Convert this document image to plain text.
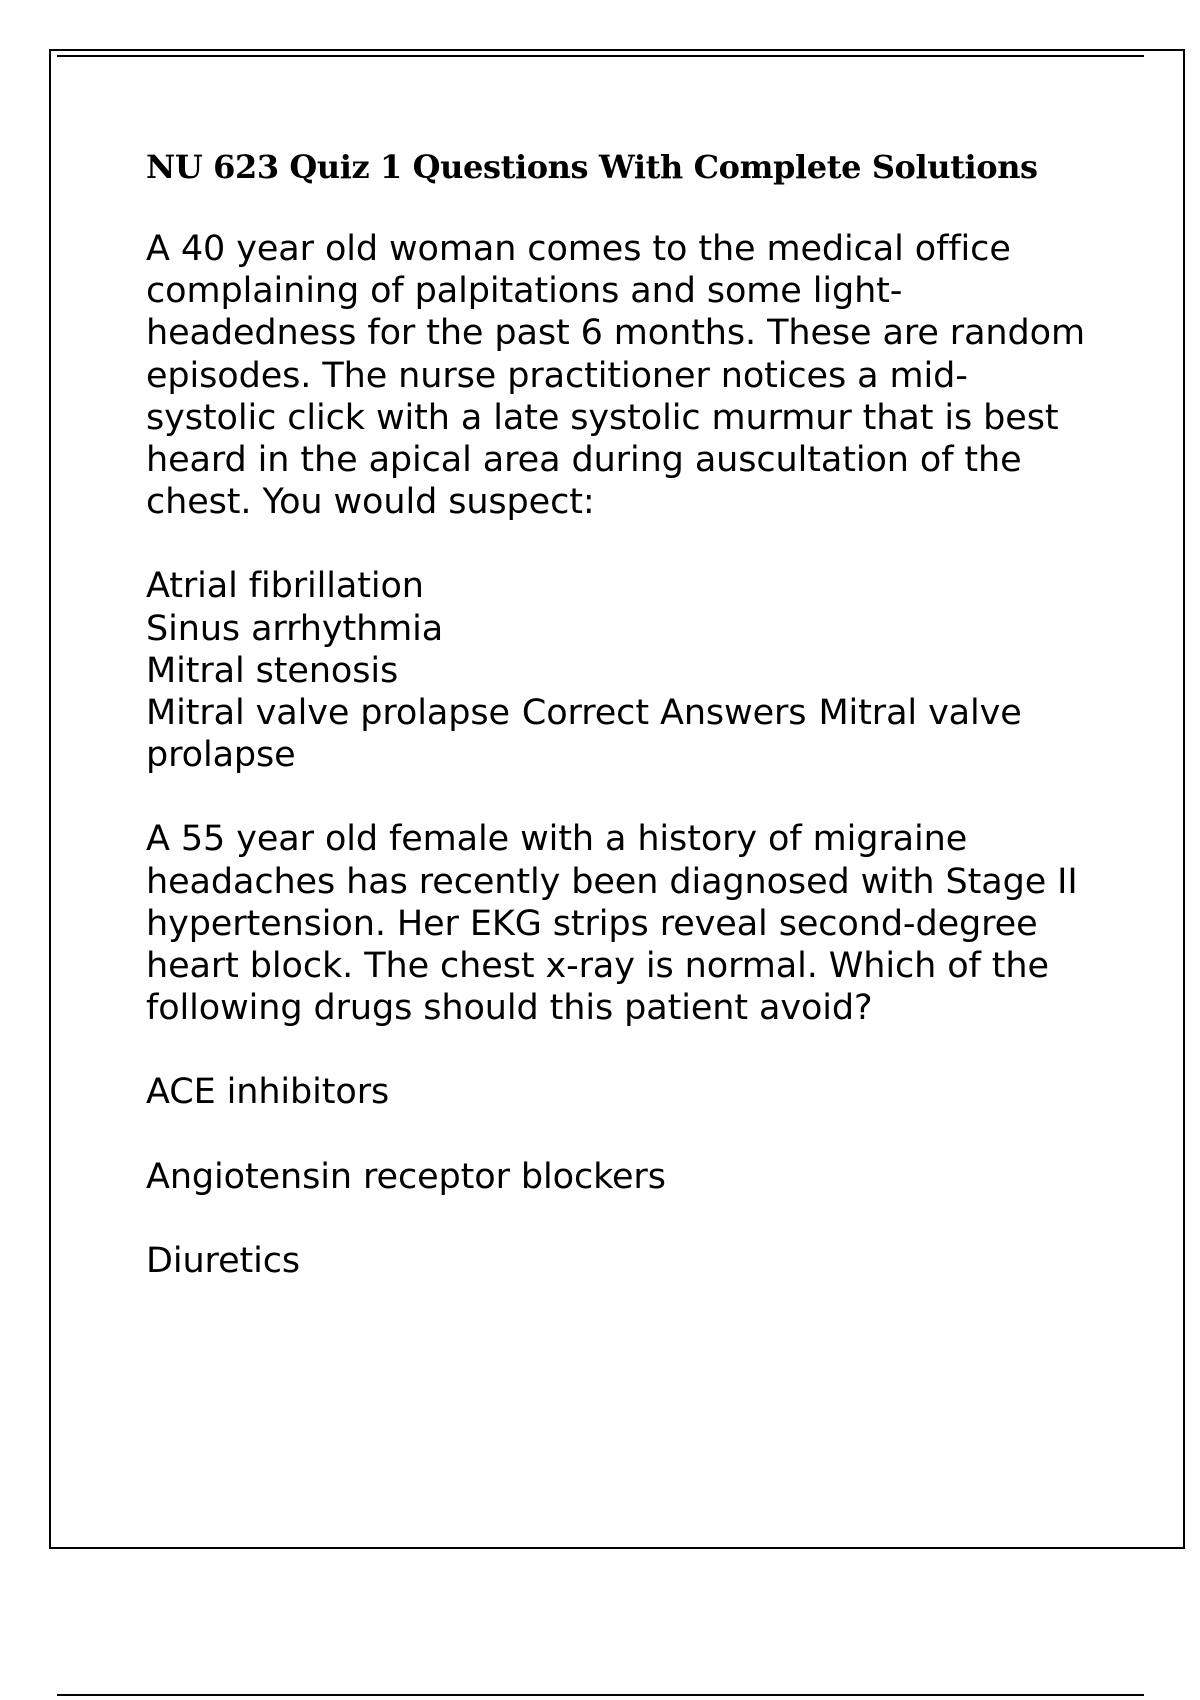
NU 623 Quiz 1 Questions With Complete Solutions

A 40 year old woman comes to the medical office complaining of palpitations and some light-headedness for the past 6 months. These are random episodes. The nurse practitioner notices a mid-systolic click with a late systolic murmur that is best heard in the apical area during auscultation of the chest. You would suspect:

Atrial fibrillation
Sinus arrhythmia
Mitral stenosis
Mitral valve prolapse Correct Answers Mitral valve prolapse

A 55 year old female with a history of migraine headaches has recently been diagnosed with Stage II hypertension. Her EKG strips reveal second-degree heart block. The chest x-ray is normal. Which of the following drugs should this patient avoid?

ACE inhibitors

Angiotensin receptor blockers

Diuretics
